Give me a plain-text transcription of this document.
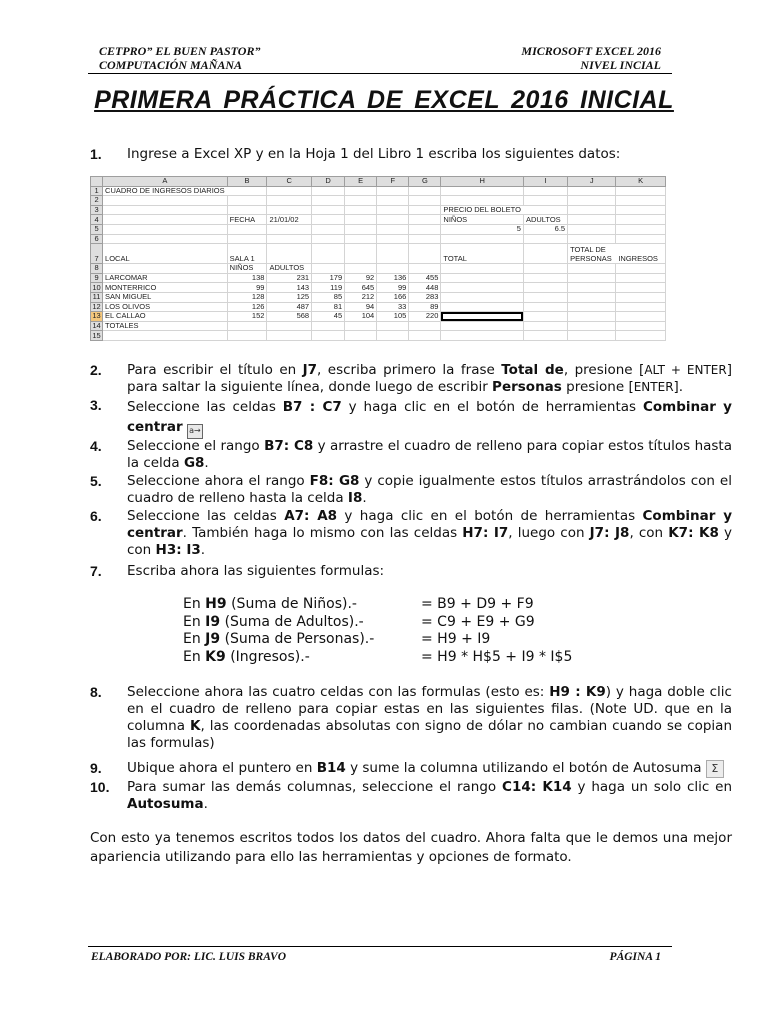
CETPRO” EL BUEN PASTOR”
COMPUTACIÓN MAÑANA
MICROSOFT EXCEL 2016
NIVEL INCIAL
PRIMERA PRÁCTICA DE EXCEL 2016 INICIAL
1. Ingrese a Excel XP y en la Hoja 1 del Libro 1 escriba los siguientes datos:
	A	B	C	D	E	F	G	H	I	J	K
1	CUADRO DE INGRESOS DIARIOS										
2											
3								PRECIO DEL BOLETO			
4		FECHA	21/01/02					NIÑOS	ADULTOS		
5								5	6.5		
6											
7	LOCAL	SALA 1						TOTAL		TOTAL DE PERSONAS	INGRESOS
8		NIÑOS	ADULTOS								
9	LARCOMAR	138	231	179	92	136	455				
10	MONTERRICO	99	143	119	645	99	448				
11	SAN MIGUEL	128	125	85	212	166	283				
12	LOS OLIVOS	126	487	81	94	33	89				
13	EL CALLAO	152	568	45	104	105	220				
14	TOTALES										
15											
2. Para escribir el título en J7, escriba primero la frase Total de, presione [ALT + ENTER] para saltar la siguiente línea, donde luego de escribir Personas presione [ENTER].
3. Seleccione las celdas B7 : C7 y haga clic en el botón de herramientas Combinar y centrar a→
4. Seleccione el rango B7: C8 y arrastre el cuadro de relleno para copiar estos títulos hasta la celda G8.
5. Seleccione ahora el rango F8: G8 y copie igualmente estos títulos arrastrándolos con el cuadro de relleno hasta la celda I8.
6. Seleccione las celdas A7: A8 y haga clic en el botón de herramientas Combinar y centrar. También haga lo mismo con las celdas H7: I7, luego con J7: J8, con K7: K8 y con H3: I3.
7. Escriba ahora las siguientes formulas:
En H9 (Suma de Niños).-	= B9 + D9 + F9
En I9 (Suma de Adultos).-	= C9 + E9 + G9
En J9 (Suma de Personas).-	= H9 + I9
En K9 (Ingresos).-	= H9 * H$5 + I9 * I$5
8. Seleccione ahora las cuatro celdas con las formulas (esto es: H9 : K9) y haga doble clic en el cuadro de relleno para copiar estas en las siguientes filas. (Note UD. que en la columna K, las coordenadas absolutas con signo de dólar no cambian cuando se copian las formulas)
9. Ubique ahora el puntero en B14 y sume la columna utilizando el botón de Autosuma Σ
10. Para sumar las demás columnas, seleccione el rango C14: K14 y haga un solo clic en Autosuma.
Con esto ya tenemos escritos todos los datos del cuadro. Ahora falta que le demos una mejor apariencia utilizando para ello las herramientas y opciones de formato.
ELABORADO POR: LIC. LUIS BRAVO	PÁGINA 1
